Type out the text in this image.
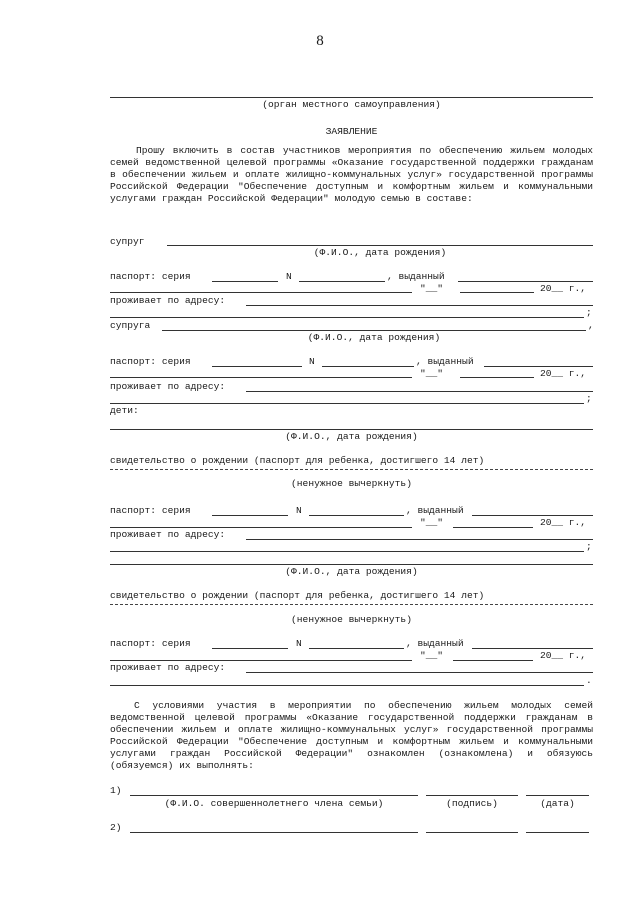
8
(орган местного самоуправления)
ЗАЯВЛЕНИЕ
Прошу включить в состав участников мероприятия по обеспечению жильем молодых семей ведомственной целевой программы «Оказание государственной поддержки гражданам в обеспечении жильем и оплате жилищно-коммунальных услуг» государственной программы Российской Федерации "Обеспечение доступным и комфортным жильем и коммунальными услугами граждан Российской Федерации" молодую семью в составе:
супруг
(Ф.И.О., дата рождения)
паспорт: серия	N	, выданный
"__"	20__ г.,
проживает по адресу:
;
супруга	,
(Ф.И.О., дата рождения)
паспорт: серия	N	, выданный
"__"	20__ г.,
проживает по адресу:
;
дети:
(Ф.И.О., дата рождения)
свидетельство о рождении (паспорт для ребенка, достигшего 14 лет)
(ненужное вычеркнуть)
паспорт: серия	N	, выданный
"__"	20__ г.,
проживает по адресу:
;
(Ф.И.О., дата рождения)
свидетельство о рождении (паспорт для ребенка, достигшего 14 лет)
(ненужное вычеркнуть)
паспорт: серия	N	, выданный
"__"	20__ г.,
проживает по адресу:
.
С условиями участия в мероприятии по обеспечению жильем молодых семей ведомственной целевой программы «Оказание государственной поддержки гражданам в обеспечении жильем и оплате жилищно-коммунальных услуг» государственной программы Российской Федерации "Обеспечение доступным и комфортным жильем и коммунальными услугами граждан Российской Федерации" ознакомлен (ознакомлена) и обязуюсь (обязуемся) их выполнять:
1)
(Ф.И.О. совершеннолетнего члена семьи)	(подпись)	(дата)
2)
